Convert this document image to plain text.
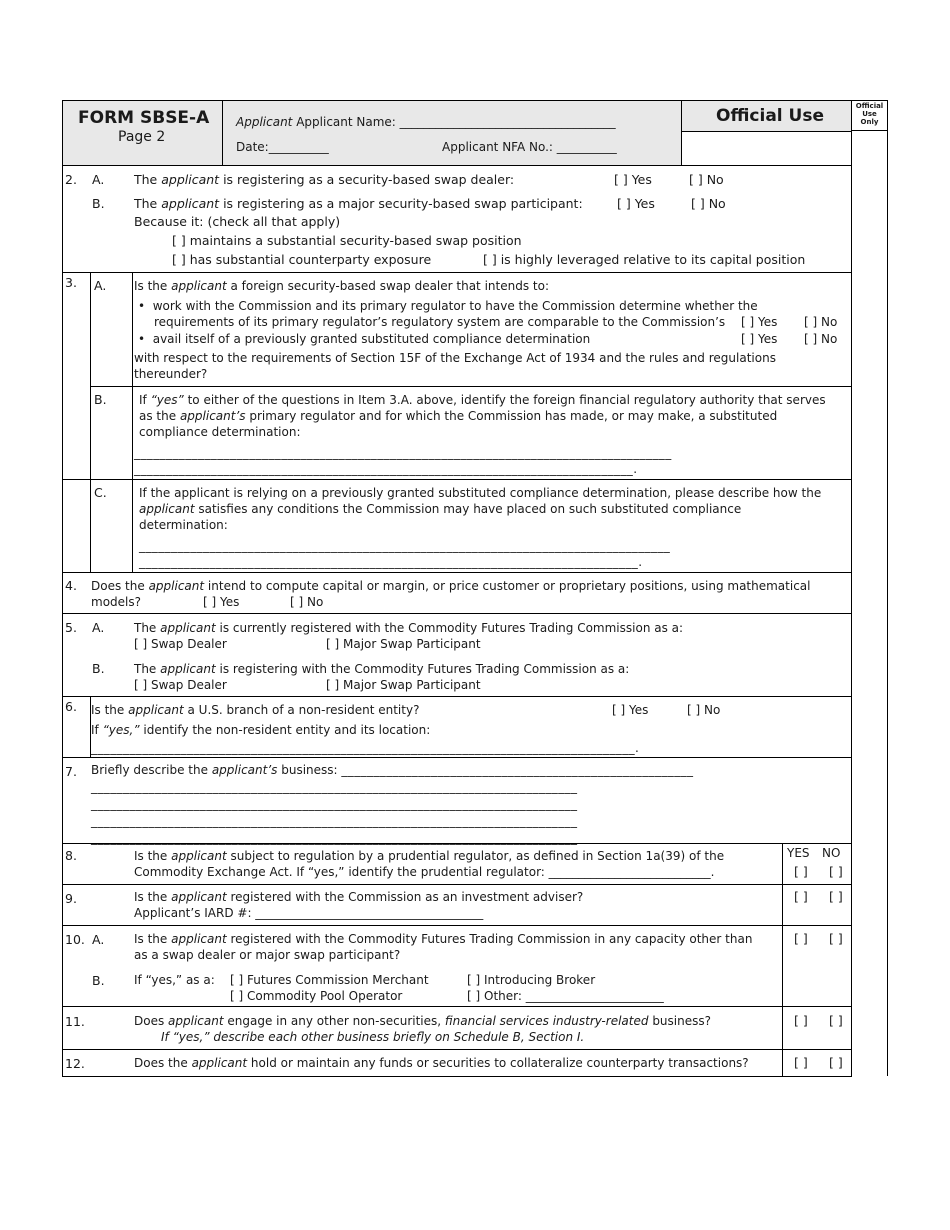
FORM SBSE-A
Page 2
Applicant Applicant Name: ____________________________________
Date:__________	Applicant NFA No.: __________
Official Use	Official
Use
Only
2. A. The applicant is registering as a security-based swap dealer:	[ ] Yes	[ ] No
B. The applicant is registering as a major security-based swap participant:	[ ] Yes	[ ] No
Because it: (check all that apply)
[ ] maintains a substantial security-based swap position
[ ] has substantial counterparty exposure	[ ] is highly leveraged relative to its capital position
3. A. Is the applicant a foreign security-based swap dealer that intends to:
•  work with the Commission and its primary regulator to have the Commission determine whether the
requirements of its primary regulator’s regulatory system are comparable to the Commission’s [ ] Yes [ ] No
•  avail itself of a previously granted substituted compliance determination	[ ] Yes [ ] No
with respect to the requirements of Section 15F of the Exchange Act of 1934 and the rules and regulations
thereunder?
B.	If “yes” to either of the questions in Item 3.A. above, identify the foreign financial regulatory authority that serves
as the applicant’s primary regulator and for which the Commission has made, or may make, a substituted
compliance determination:
____________________________________________________________________________________
______________________________________________________________________________.
C.	If the applicant is relying on a previously granted substituted compliance determination, please describe how the
applicant satisfies any conditions the Commission may have placed on such substituted compliance
determination:
___________________________________________________________________________________
______________________________________________________________________________.
4. Does the applicant intend to compute capital or margin, or price customer or proprietary positions, using mathematical
models?	[ ] Yes	[ ] No
5. A. The applicant is currently registered with the Commodity Futures Trading Commission as a:
[ ] Swap Dealer	[ ] Major Swap Participant
B. The applicant is registering with the Commodity Futures Trading Commission as a:
[ ] Swap Dealer	[ ] Major Swap Participant
6. Is the applicant a U.S. branch of a non-resident entity?	[ ] Yes	[ ] No
If “yes,” identify the non-resident entity and its location:
_____________________________________________________________________________________.
7. Briefly describe the applicant’s business: _______________________________________________________
____________________________________________________________________________
____________________________________________________________________________
____________________________________________________________________________
____________________________________________________________________________
YES NO
8.	Is the applicant subject to regulation by a prudential regulator, as defined in Section 1a(39) of the
Commodity Exchange Act. If “yes,” identify the prudential regulator: ___________________________.	[ ] [ ]
9.	Is the applicant registered with the Commission as an investment adviser?
Applicant’s IARD #: ______________________________________
[ ] [ ]
10. A. Is the applicant registered with the Commodity Futures Trading Commission in any capacity other than
as a swap dealer or major swap participant?
[ ] [ ]
B. If “yes,” as a: [ ] Futures Commission Merchant	[ ] Introducing Broker
[ ] Commodity Pool Operator	[ ] Other: _______________________
11.	Does applicant engage in any other non-securities, financial services industry-related business?
If “yes,” describe each other business briefly on Schedule B, Section I.
[ ] [ ]
12.	Does the applicant hold or maintain any funds or securities to collateralize counterparty transactions?	[ ] [ ]
